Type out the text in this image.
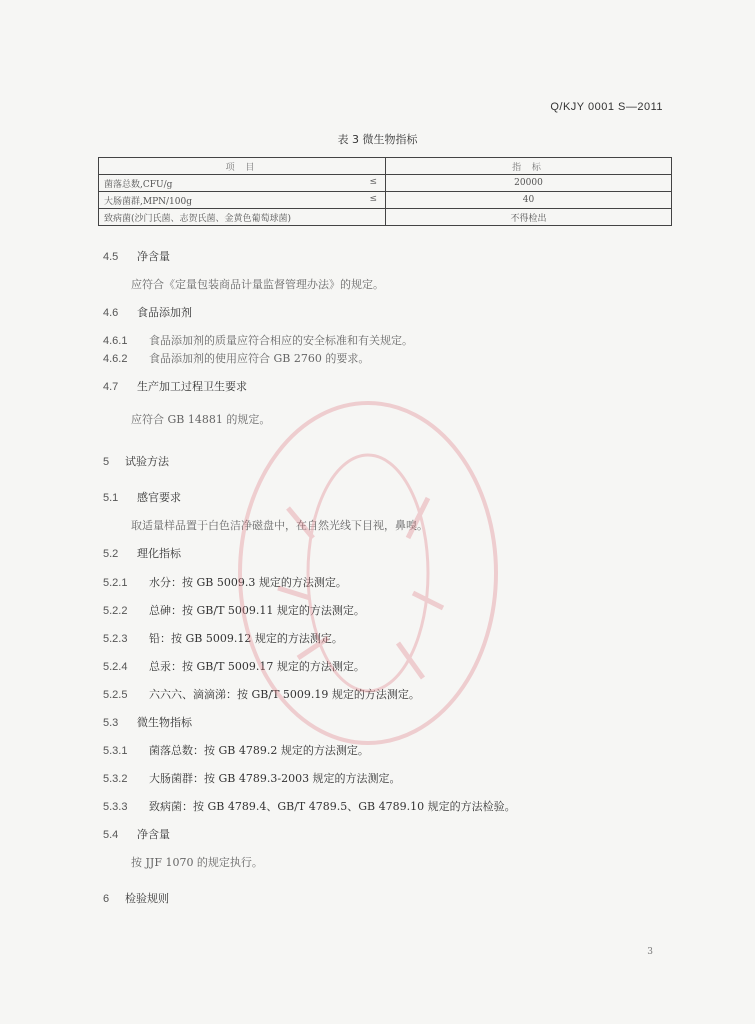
Q/KJY 0001 S—2011
表 3 微生物指标
项 目	指 标
菌落总数,CFU/g ≤	20000
大肠菌群,MPN/100g ≤	40
致病菌(沙门氏菌、志贺氏菌、金黄色葡萄球菌)	不得检出
4.5 净含量
应符合《定量包装商品计量监督管理办法》的规定。
4.6 食品添加剂
4.6.1 食品添加剂的质量应符合相应的安全标准和有关规定。
4.6.2 食品添加剂的使用应符合 GB 2760 的要求。
4.7 生产加工过程卫生要求
应符合 GB 14881 的规定。
5 试验方法
5.1 感官要求
取适量样品置于白色洁净磁盘中，在自然光线下目视，鼻嗅。
5.2 理化指标
5.2.1 水分：按 GB 5009.3 规定的方法测定。
5.2.2 总砷：按 GB/T 5009.11 规定的方法测定。
5.2.3 铅：按 GB 5009.12 规定的方法测定。
5.2.4 总汞：按 GB/T 5009.17 规定的方法测定。
5.2.5 六六六、滴滴涕：按 GB/T 5009.19 规定的方法测定。
5.3 微生物指标
5.3.1 菌落总数：按 GB 4789.2 规定的方法测定。
5.3.2 大肠菌群：按 GB 4789.3-2003 规定的方法测定。
5.3.3 致病菌：按 GB 4789.4、GB/T 4789.5、GB 4789.10 规定的方法检验。
5.4 净含量
按 JJF 1070 的规定执行。
6 检验规则
3
